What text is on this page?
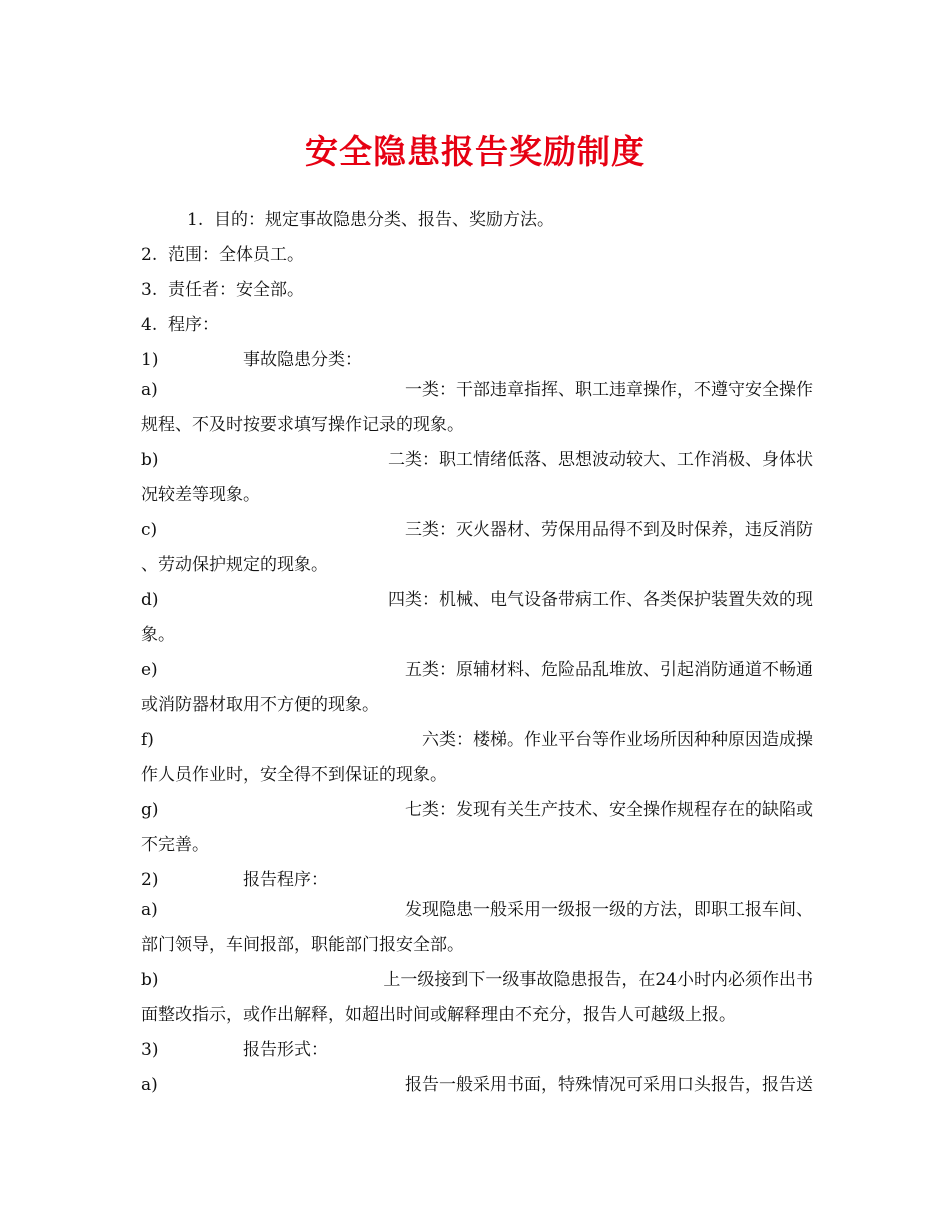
安全隐患报告奖励制度
1. 目的：规定事故隐患分类、报告、奖励方法。
2. 范围：全体员工。
3. 责任者：安全部。
4. 程序：
1)	事故隐患分类：
a)	一类：干部违章指挥、职工违章操作，不遵守安全操作
规程、不及时按要求填写操作记录的现象。
b)	二类：职工情绪低落、思想波动较大、工作消极、身体状
况较差等现象。
c)	三类：灭火器材、劳保用品得不到及时保养，违反消防
、劳动保护规定的现象。
d)	四类：机械、电气设备带病工作、各类保护装置失效的现
象。
e)	五类：原辅材料、危险品乱堆放、引起消防通道不畅通
或消防器材取用不方便的现象。
f)	六类：楼梯。作业平台等作业场所因种种原因造成操
作人员作业时，安全得不到保证的现象。
g)	七类：发现有关生产技术、安全操作规程存在的缺陷或
不完善。
2)	报告程序：
a)	发现隐患一般采用一级报一级的方法，即职工报车间、
部门领导，车间报部，职能部门报安全部。
b)	上一级接到下一级事故隐患报告，在24小时内必须作出书
面整改指示，或作出解释，如超出时间或解释理由不充分，报告人可越级上报。
3)	报告形式：
a)	报告一般采用书面，特殊情况可采用口头报告，报告送
